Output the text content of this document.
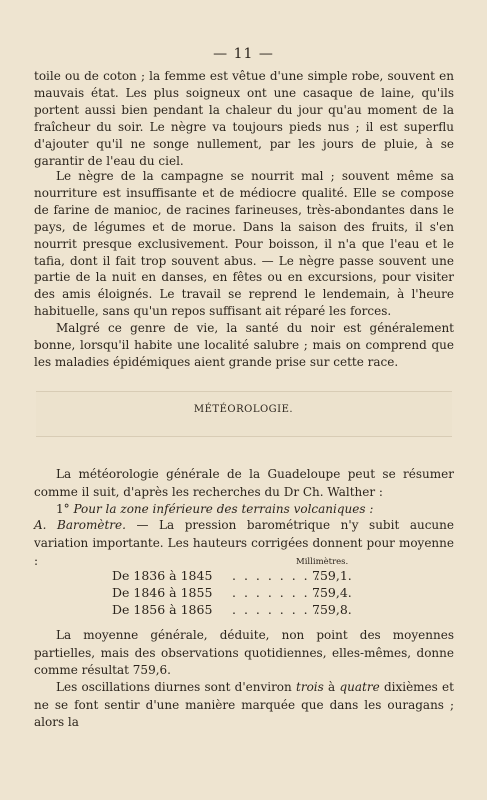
— 11 —
toile ou de coton ; la femme est vêtue d'une simple robe, souvent en mauvais état. Les plus soigneux ont une casaque de laine, qu'ils portent aussi bien pendant la chaleur du jour qu'au moment de la fraîcheur du soir. Le nègre va toujours pieds nus ; il est superflu d'ajouter qu'il ne songe nullement, par les jours de pluie, à se garantir de l'eau du ciel.
Le nègre de la campagne se nourrit mal ; souvent même sa nourriture est insuffisante et de médiocre qualité. Elle se compose de farine de manioc, de racines farineuses, très-abondantes dans le pays, de légumes et de morue. Dans la saison des fruits, il s'en nourrit presque exclusivement. Pour boisson, il n'a que l'eau et le tafia, dont il fait trop souvent abus. — Le nègre passe souvent une partie de la nuit en danses, en fêtes ou en excursions, pour visiter des amis éloignés. Le travail se reprend le lendemain, à l'heure habituelle, sans qu'un repos suffisant ait réparé les forces.
Malgré ce genre de vie, la santé du noir est généralement bonne, lorsqu'il habite une localité salubre ; mais on comprend que les maladies épidémiques aient grande prise sur cette race.
MÉTÉOROLOGIE.
La météorologie générale de la Guadeloupe peut se résumer comme il suit, d'après les recherches du Dr Ch. Walther :
1° Pour la zone inférieure des terrains volcaniques :
A. Baromètre. — La pression barométrique n'y subit aucune variation importante. Les hauteurs corrigées donnent pour moyenne :	Millimètres.
De 1836 à 1845 . . . . . . . .759,1.
De 1846 à 1855 . . . . . . . .759,4.
De 1856 à 1865 . . . . . . . .759,8.
La moyenne générale, déduite, non point des moyennes partielles, mais des observations quotidiennes, elles-mêmes, donne comme résultat 759,6.
Les oscillations diurnes sont d'environ trois à quatre dixièmes et ne se font sentir d'une manière marquée que dans les ouragans ; alors la
